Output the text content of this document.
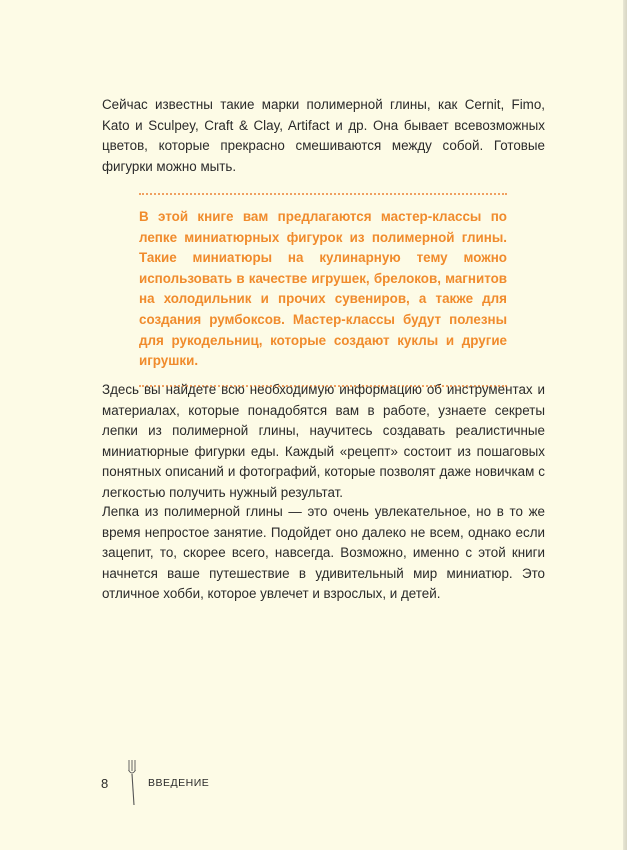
Сейчас известны такие марки полимерной глины, как Cernit, Fimo, Kato и Sculpey, Craft & Clay, Artifact и др. Она бывает всевозможных цветов, которые прекрасно смешиваются между собой. Готовые фигурки можно мыть.

В этой книге вам предлагаются мастер-классы по лепке миниатюрных фигурок из полимерной глины. Такие миниатюры на кулинарную тему можно использовать в качестве игрушек, брелоков, магнитов на холодильник и прочих сувениров, а также для создания румбоксов. Мастер-классы будут полезны для рукодельниц, которые создают куклы и другие игрушки.

Здесь вы найдете всю необходимую информацию об инструментах и материалах, которые понадобятся вам в работе, узнаете секреты лепки из полимерной глины, научитесь создавать реалистичные миниатюрные фигурки еды. Каждый «рецепт» состоит из пошаговых понятных описаний и фотографий, которые позволят даже новичкам с легкостью получить нужный результат.

Лепка из полимерной глины — это очень увлекательное, но в то же время непростое занятие. Подойдет оно далеко не всем, однако если зацепит, то, скорее всего, навсегда. Возможно, именно с этой книги начнется ваше путешествие в удивительный мир миниатюр. Это отличное хобби, которое увлечет и взрослых, и детей.

8	ВВЕДЕНИЕ
